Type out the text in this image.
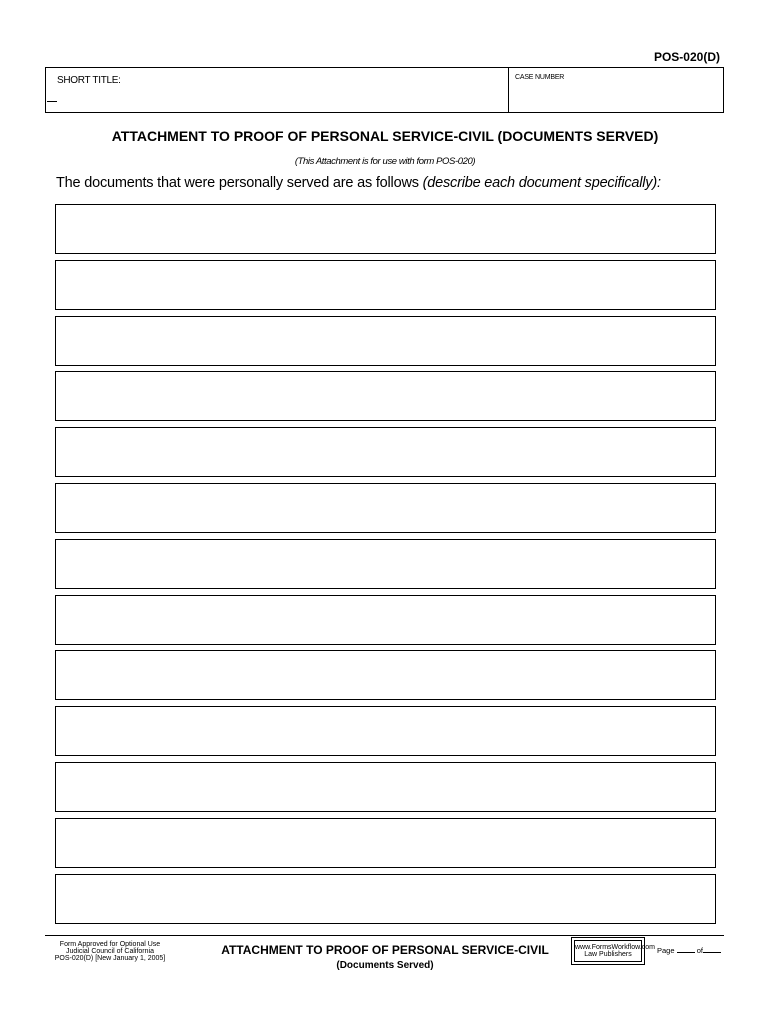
POS-020(D)
SHORT TITLE:	CASE NUMBER
ATTACHMENT TO PROOF OF PERSONAL SERVICE-CIVIL (DOCUMENTS SERVED)
(This Attachment is for use with form POS-020)
The documents that were personally served are as follows (describe each document specifically):
Form Approved for Optional Use
Judicial Council of California
POS-020(D) [New January 1, 2005]
ATTACHMENT TO PROOF OF PERSONAL SERVICE-CIVIL
(Documents Served)
www.FormsWorkflow.com
Law Publishers	Page	of
